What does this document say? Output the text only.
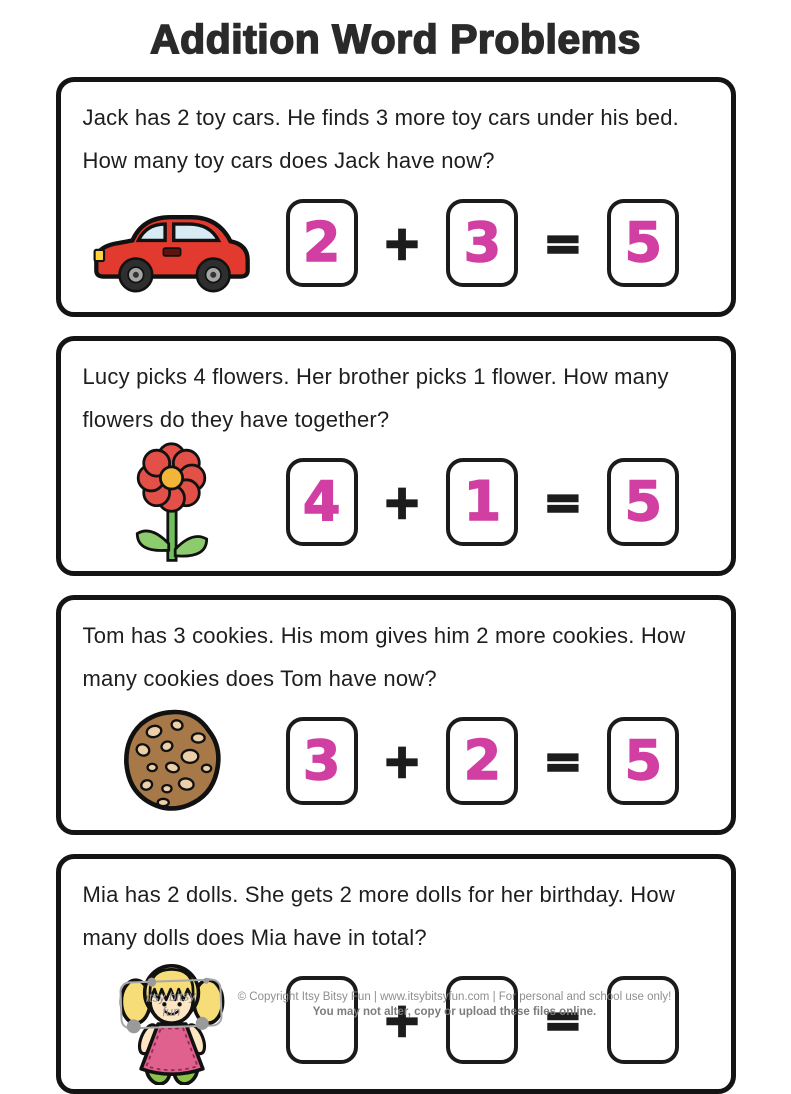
Addition Word Problems

Jack has 2 toy cars. He finds 3 more toy cars under his bed. How many toy cars does Jack have now?

2 + 3 = 5

Lucy picks 4 flowers. Her brother picks 1 flower. How many flowers do they have together?

4 + 1 = 5

Tom has 3 cookies. His mom gives him 2 more cookies. How many cookies does Tom have now?

3 + 2 = 5

Mia has 2 dolls. She gets 2 more dolls for her birthday. How many dolls does Mia have in total?

+	=
itsy bitsy
fun

© Copyright Itsy Bitsy Fun | www.itsybitsyfun.com | For personal and school use only!

You may not alter, copy or upload these files online.
